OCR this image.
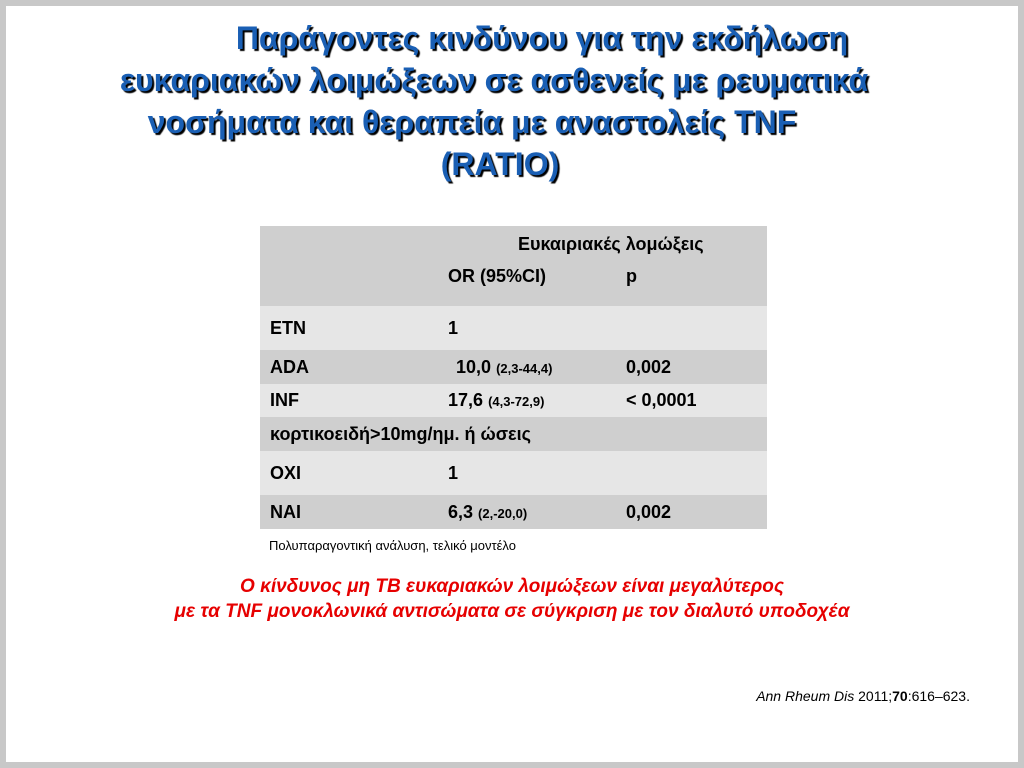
Παράγοντες κινδύνου για την εκδήλωση
ευκαριακών λοιμώξεων σε ασθενείς με ρευματικά
νοσήματα και θεραπεία με αναστολείς TNF
(RATIO)
	Ευκαιριακές λομώξεις	
	OR (95%CI)	p
ETN	1	
ADA	10,0 (2,3-44,4)	0,002
INF	17,6 (4,3-72,9)	< 0,0001
κορτικοειδή>10mg/ημ. ή ώσεις		
ΟΧΙ	1	
ΝΑΙ	6,3 (2,-20,0)	0,002
Πολυπαραγοντική ανάλυση, τελικό μοντέλο
Ο κίνδυνος μη TB ευκαριακών λοιμώξεων είναι μεγαλύτερος
με τα TNF μονοκλωνικά αντισώματα σε σύγκριση με τον διαλυτό υποδοχέα
Ann Rheum Dis 2011;70:616–623.
